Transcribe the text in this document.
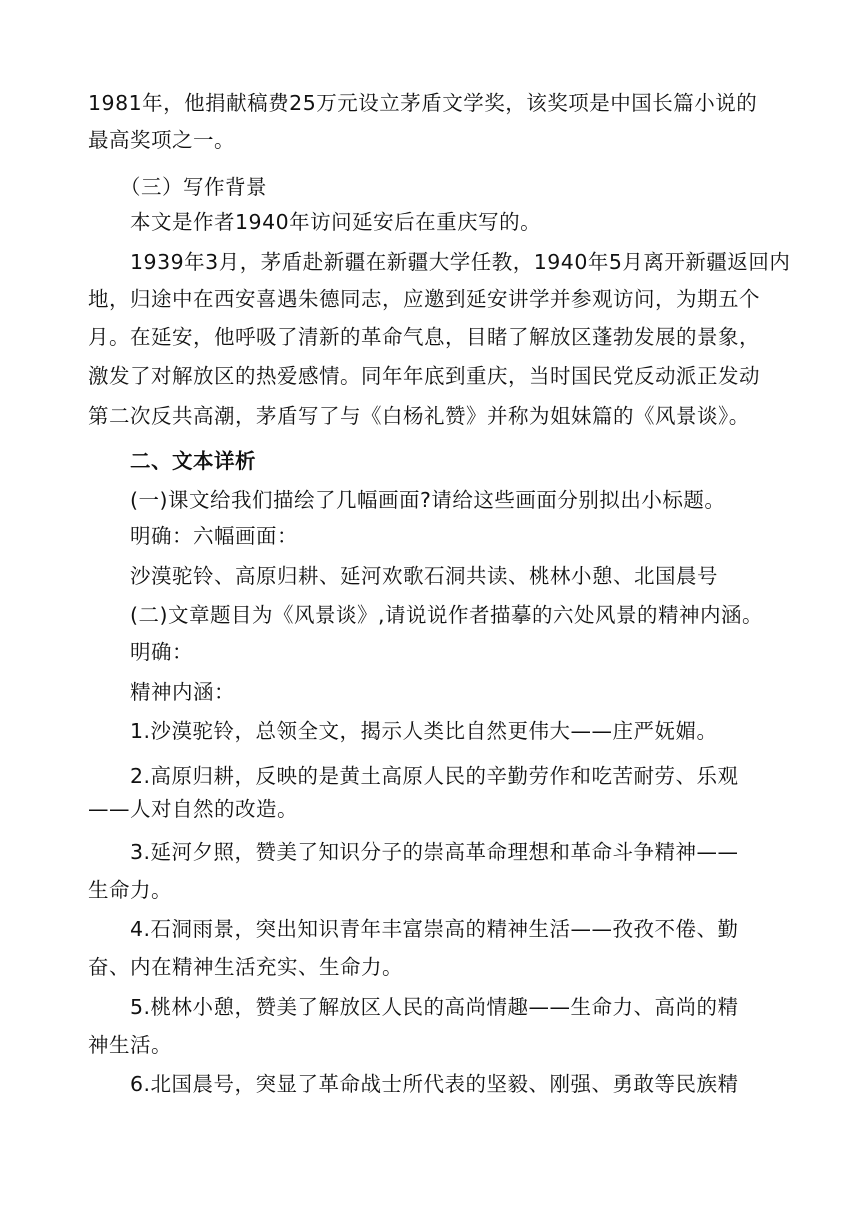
1981年，他捐献稿费25万元设立茅盾文学奖，该奖项是中国长篇小说的
最高奖项之一。
（三）写作背景
本文是作者1940年访问延安后在重庆写的。
1939年3月，茅盾赴新疆在新疆大学任教，1940年5月离开新疆返回内
地，归途中在西安喜遇朱德同志，应邀到延安讲学并参观访问，为期五个
月。在延安，他呼吸了清新的革命气息，目睹了解放区蓬勃发展的景象，
激发了对解放区的热爱感情。同年年底到重庆，当时国民党反动派正发动
第二次反共高潮，茅盾写了与《白杨礼赞》并称为姐妹篇的《风景谈》。
二、文本详析
(一)课文给我们描绘了几幅画面?请给这些画面分别拟出小标题。
明确：六幅画面：
沙漠驼铃、高原归耕、延河欢歌石洞共读、桃林小憩、北国晨号
(二)文章题目为《风景谈》,请说说作者描摹的六处风景的精神内涵。
明确：
精神内涵：
1.沙漠驼铃，总领全文，揭示人类比自然更伟大——庄严妩媚。
2.高原归耕，反映的是黄土高原人民的辛勤劳作和吃苦耐劳、乐观
——人对自然的改造。
3.延河夕照，赞美了知识分子的崇高革命理想和革命斗争精神——
生命力。
4.石洞雨景，突出知识青年丰富崇高的精神生活——孜孜不倦、勤
奋、内在精神生活充实、生命力。
5.桃林小憩，赞美了解放区人民的高尚情趣——生命力、高尚的精
神生活。
6.北国晨号，突显了革命战士所代表的坚毅、刚强、勇敢等民族精
